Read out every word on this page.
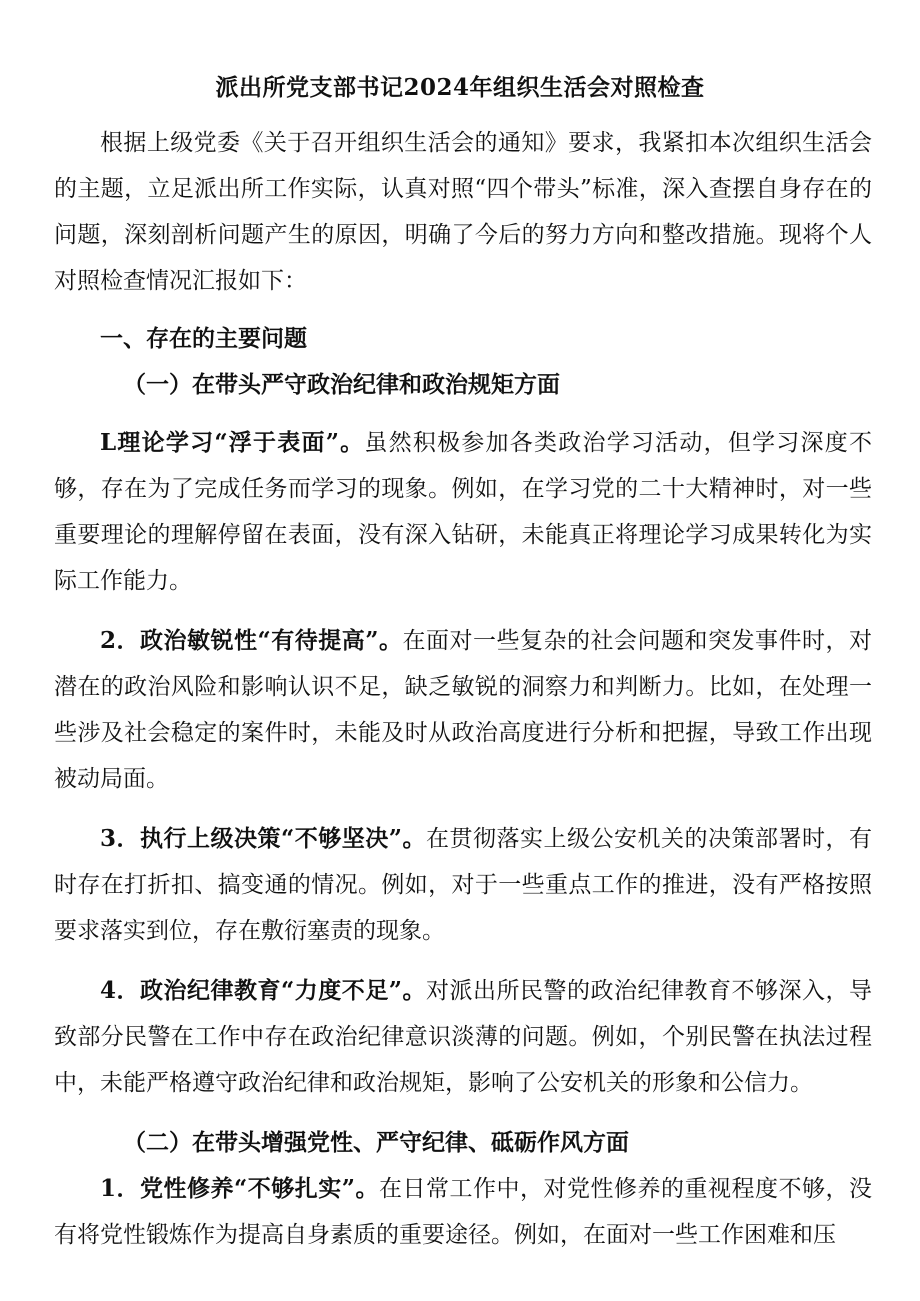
派出所党支部书记2024年组织生活会对照检查

根据上级党委《关于召开组织生活会的通知》要求，我紧扣本次组织生活会的主题，立足派出所工作实际，认真对照“四个带头”标准，深入查摆自身存在的问题，深刻剖析问题产生的原因，明确了今后的努力方向和整改措施。现将个人对照检查情况汇报如下：

一、存在的主要问题

（一）在带头严守政治纪律和政治规矩方面

L理论学习“浮于表面”。虽然积极参加各类政治学习活动，但学习深度不够，存在为了完成任务而学习的现象。例如，在学习党的二十大精神时，对一些重要理论的理解停留在表面，没有深入钻研，未能真正将理论学习成果转化为实际工作能力。

2．政治敏锐性“有待提高”。在面对一些复杂的社会问题和突发事件时，对潜在的政治风险和影响认识不足，缺乏敏锐的洞察力和判断力。比如，在处理一些涉及社会稳定的案件时，未能及时从政治高度进行分析和把握，导致工作出现被动局面。

3．执行上级决策“不够坚决”。在贯彻落实上级公安机关的决策部署时，有时存在打折扣、搞变通的情况。例如，对于一些重点工作的推进，没有严格按照要求落实到位，存在敷衍塞责的现象。

4．政治纪律教育“力度不足”。对派出所民警的政治纪律教育不够深入，导致部分民警在工作中存在政治纪律意识淡薄的问题。例如，个别民警在执法过程中，未能严格遵守政治纪律和政治规矩，影响了公安机关的形象和公信力。

（二）在带头增强党性、严守纪律、砥砺作风方面

1．党性修养“不够扎实”。在日常工作中，对党性修养的重视程度不够，没有将党性锻炼作为提高自身素质的重要途径。例如，在面对一些工作困难和压
